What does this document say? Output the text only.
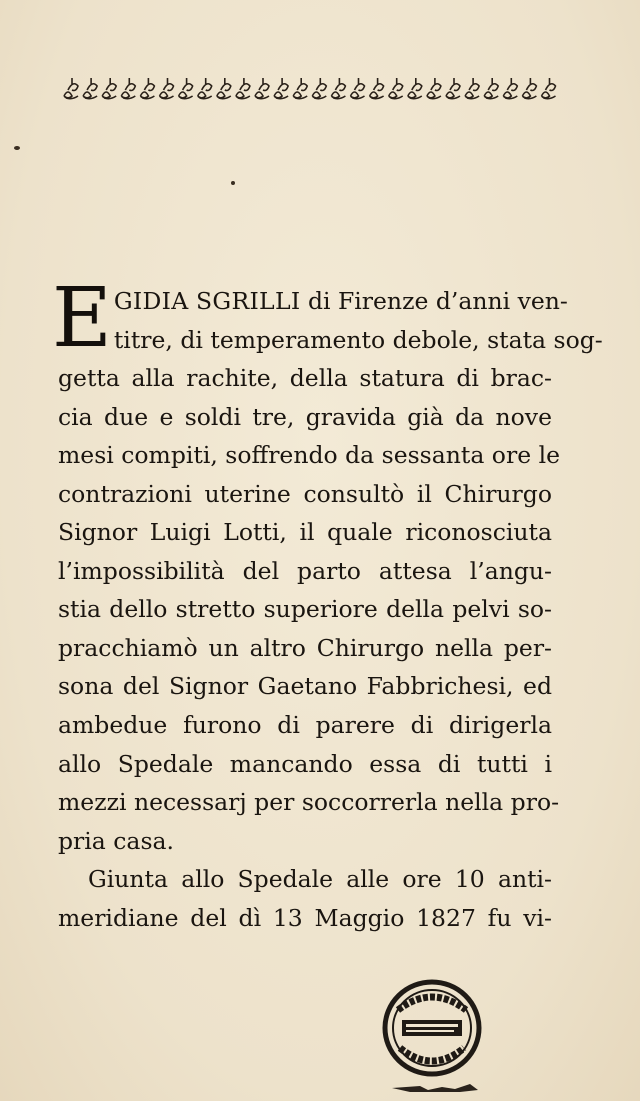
E GIDIA SGRILLI di Firenze d’anni ven-
titre, di temperamento debole, stata sog-
getta alla rachite, della statura di brac-
cia due e soldi tre, gravida già da nove
mesi compiti, soffrendo da sessanta ore le
contrazioni uterine consultò il Chirurgo
Signor Luigi Lotti, il quale riconosciuta
l’impossibilità del parto attesa l’angu-
stia dello stretto superiore della pelvi so-
pracchiamò un altro Chirurgo nella per-
sona del Signor Gaetano Fabbrichesi, ed
ambedue furono di parere di dirigerla
allo Spedale mancando essa di tutti i
mezzi necessarj per soccorrerla nella pro-
pria casa.
Giunta allo Spedale alle ore 10 anti-
meridiane del dì 13 Maggio 1827 fu vi-
